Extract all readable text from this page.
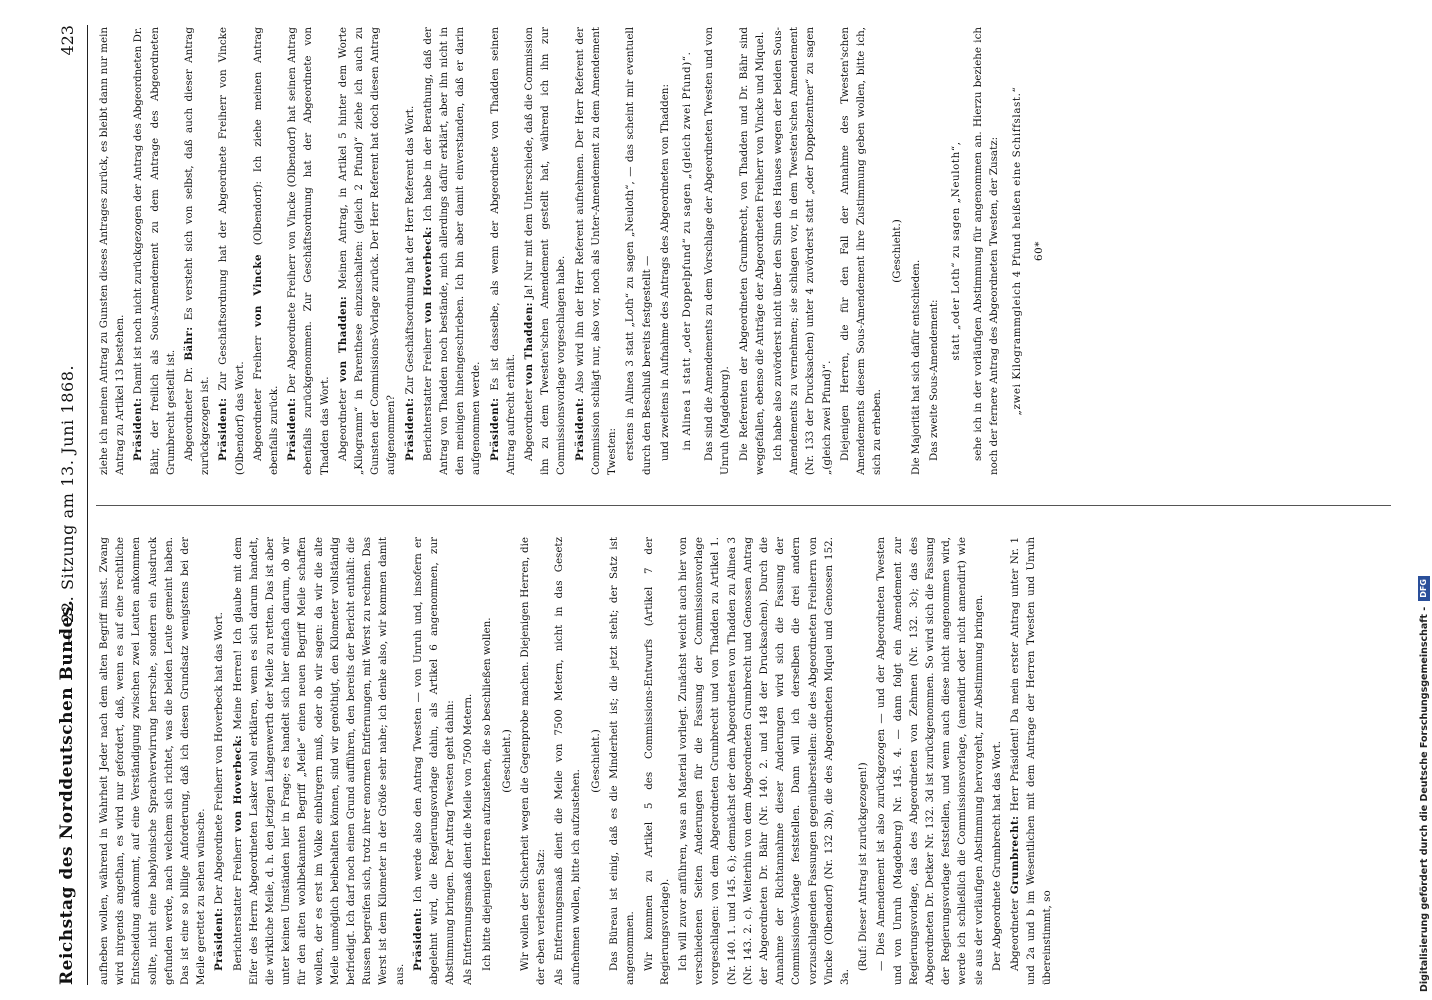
Reichstag des Norddeutschen Bundes.
— 22. Sitzung am 13. Juni 1868.
423

aufheben wollen, während in Wahrheit Jeder nach dem alten Begriff misst. Zwang wird nirgends angethan, es wird nur gefordert, daß, wenn es auf eine rechtliche Entscheidung ankommt, auf eine Verständigung zwischen zwei Leuten ankommen sollte, nicht eine babylonische Sprachverwirrung herrsche, sondern ein Ausdruck gefunden werde, nach welchem sich richtet, was die beiden Leute gemeint haben. Das ist eine so billige Anforderung, daß ich diesen Grundsatz wenigstens bei der Meile gerettet zu sehen wünsche. Präsident: Der Abgeordnete Freiherr von Hoverbeck hat das Wort. Berichterstatter Freiherr von Hoverbeck: Meine Herren! Ich glaube mit dem Eifer des Herrn Abgeordneten Lasker wohl erklären, wenn es sich darum handelt, die wirkliche Meile, d. h. den jetzigen Längenwerth der Meile zu retten. Das ist aber unter keinen Umständen hier in Frage; es handelt sich hier einfach darum, ob wir für den alten wohlbekannten Begriff „Meile“ einen neuen Begriff Meile schaffen wollen, der es erst im Volke einbürgern muß, oder ob wir sagen: da wir die alte Meile unmöglich beibehalten können, sind wir genöthigt, den Kilometer vollständig befriedigt. Ich darf noch einen Grund aufführen, den bereits der Bericht enthält: die Russen begreifen sich, trotz ihrer enormen Entfernungen, mit Werst zu rechnen. Das Werst ist dem Kilometer in der Größe sehr nahe; ich denke also, wir kommen damit aus.

Präsident: Ich werde also den Antrag Twesten — von Unruh und, insofern er abgelehnt wird, die Regierungsvorlage dahin, als Artikel 6 angenommen, zur Abstimmung bringen. Der Antrag Twesten geht dahin: Als Entfernungsmaaß dient die Meile von 7500 Metern. Ich bitte diejenigen Herren aufzustehen, die so beschließen wollen. (Geschieht.) Wir wollen der Sicherheit wegen die Gegenprobe machen. Diejenigen Herren, die der eben verlesenen Satz: Als Entfernungsmaaß dient die Meile von 7500 Metern, nicht in das Gesetz aufnehmen wollen, bitte ich aufzustehen.

(Geschieht.) Das Büreau ist einig, daß es die Minderheit ist; die jetzt steht; der Satz ist angenommen. Wir kommen zu Artikel 5 des Commissions-Entwurfs (Artikel 7 der Regierungsvorlage). Ich will zuvor anführen, was an Material vorliegt. Zunächst weicht auch hier von verschiedenen Seiten Anderungen für die Fassung der Commissionsvorlage vorgeschlagen: von dem Abgeordneten Grumbrecht und von Thadden zu Artikel 1. (Nr. 140. 1. und 145. 6.); demnächst der dem Abgeordneten von Thadden zu Alinea 3 (Nr. 143. 2. c). Weiterhin von dem Abgeordneten Grumbrecht und Genossen Antrag der Abgeordneten Dr. Bähr (Nr. 140. 2. und 148 der Drucksachen). Durch die Annahme der Richtannahme dieser Anderungen wird sich die Fassung der Commissions-Vorlage feststellen. Dann will ich derselben die drei andern vorzuschlagenden Fassungen gegenüberstellen: die des Abgeordneten Freiherrn von Vincke (Olbendorf) (Nr. 132 3b), die des Abgeordneten Miquel und Genossen 152. 3a.

(Ruf: Dieser Antrag ist zurückgezogen!) — Dies Amendement ist also zurückgezogen — und der Abgeordneten Twesten und von Unruh (Magdeburg) Nr. 145. 4. — dann folgt ein Amendement zur Regierungsvorlage, das des Abgeordneten von Zehmen (Nr. 132. 3c); das des Abgeordneten Dr. Detker Nr. 132. 3d ist zurückgenommen. So wird sich die Fassung der Regierungsvorlage feststellen, und wenn auch diese nicht angenommen wird, werde ich schließlich die Commissionsvorlage, (amendirt oder nicht amendirt) wie sie aus der vorläufigen Abstimmung hervorgeht, zur Abstimmung bringen. Der Abgeordnete Grumbrecht hat das Wort. Abgeordneter Grumbrecht: Herr Präsident! Da mein erster Antrag unter Nr. 1 und 2a und b im Wesentlichen mit dem Antrage der Herren Twesten und Unruh übereinstimmt, so

ziehe ich meinen Antrag zu Gunsten dieses Antrages zurück, es bleibt dann nur mein Antrag zu Artikel 13 bestehen. Präsident: Damit ist noch nicht zurückgezogen der Antrag des Abgeordneten Dr. Bähr, der freilich als Sous-Amendement zu dem Antrage des Abgeordneten Grumbrecht gestellt ist. Abgeordneter Dr. Bähr: Es versteht sich von selbst, daß auch dieser Antrag zurückgezogen ist. Präsident: Zur Geschäftsordnung hat der Abgeordnete Freiherr von Vincke (Olbendorf) das Wort. Abgeordneter Freiherr von Vincke (Olbendorf): Ich ziehe meinen Antrag ebenfalls zurück. Präsident: Der Abgeordnete Freiherr von Vincke (Olbendorf) hat seinen Antrag ebenfalls zurückgenommen. Zur Geschäftsordnung hat der Abgeordnete von Thadden das Wort. Abgeordneter von Thadden: Meinen Antrag, in Artikel 5 hinter dem Worte „Kilogramm“ in Parenthese einzuschalten: (gleich 2 Pfund)“ ziehe ich auch zu Gunsten der Commissions-Vorlage zurück. Der Herr Referent hat doch diesen Antrag aufgenommen? Präsident: Zur Geschäftsordnung hat der Herr Referent das Wort. Berichterstatter Freiherr von Hoverbeck: Ich habe in der Berathung, daß der Antrag von Thadden noch bestände, mich allerdings dafür erklärt, aber ihn nicht in den meinigen hineingeschrieben. Ich bin aber damit einverstanden, daß er darin aufgenommen werde. Präsident: Es ist dasselbe, als wenn der Abgeordnete von Thadden seinen Antrag aufrecht erhält. Abgeordneter von Thadden: Ja! Nur mit dem Unterschiede, daß die Commission ihn zu dem Twesten'schen Amendement gestellt hat, während ich ihn zur Commissionsvorlage vorgeschlagen habe. Präsident: Also wird ihn der Herr Referent aufnehmen. Der Herr Referent der Commission schlägt nur, also vor, noch als Unter-Amendement zu dem Amendement Twesten: erstens in Alinea 3 statt „Loth“ zu sagen „Neuloth“, — das scheint mir eventuell durch den Beschluß bereits festgestellt — und zweitens in Aufnahme des Antrags des Abgeordneten von Thadden: in Alinea 1 statt „oder Doppelpfund“ zu sagen „(gleich zwei Pfund)“. Das sind die Amendements zu dem Vorschlage der Abgeordneten Twesten und von Unruh (Magdeburg). Die Referenten der Abgeordneten Grumbrecht, von Thadden und Dr. Bähr sind weggefallen, ebenso die Anträge der Abgeordneten Freiherr von Vincke und Miquel. Ich habe also zuvörderst nicht über den Sinn des Hauses wegen der beiden Sous-Amendements zu vernehmen; sie schlagen vor, in dem Twesten'schen Amendement (Nr. 133 der Drucksachen) unter 4 zuvörderst statt „oder Doppelzentner“ zu sagen „(gleich zwei Pfund)“. Diejenigen Herren, die für den Fall der Annahme des Twesten'schen Amendements diesem Sous-Amendement ihre Zustimmung geben wollen, bitte ich, sich zu erheben.

(Geschieht.)

Die Majorität hat sich dafür entschieden. Das zweite Sous-Amendement:

statt „oder Loth“ zu sagen „Neuloth“, sehe ich in der vorläufigen Abstimmung für angenommen an. Hierzu beziehe ich noch der fernere Antrag des Abgeordneten Twesten, der Zusatz: „zwei Kilogrammgleich 4 Pfund heißen eine Schiffslast.“ 60*

Digitalisierung gefördert durch die Deutsche Forschungsgemeinschaft -
DFG
